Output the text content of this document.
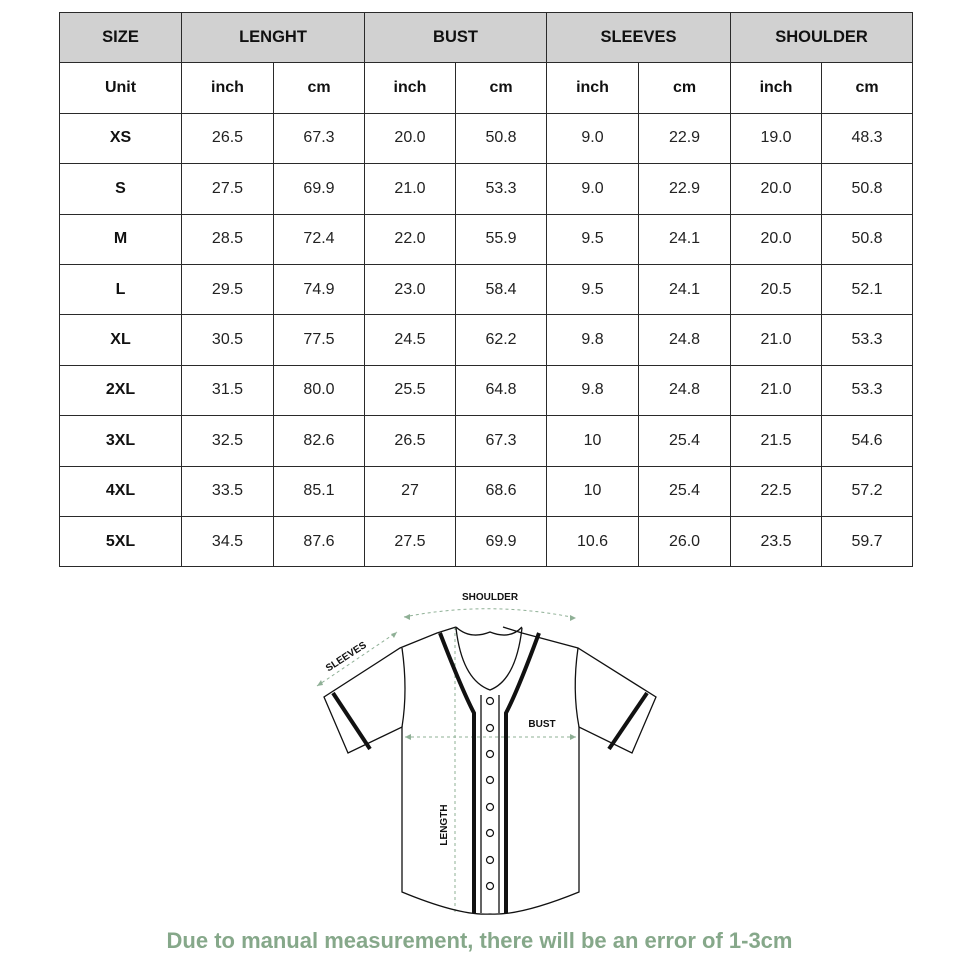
SIZE	LENGHT		BUST		SLEEVES		SHOULDER	
Unit	inch	cm	inch	cm	inch	cm	inch	cm
XS	26.5	67.3	20.0	50.8	9.0	22.9	19.0	48.3
S	27.5	69.9	21.0	53.3	9.0	22.9	20.0	50.8
M	28.5	72.4	22.0	55.9	9.5	24.1	20.0	50.8
L	29.5	74.9	23.0	58.4	9.5	24.1	20.5	52.1
XL	30.5	77.5	24.5	62.2	9.8	24.8	21.0	53.3
2XL	31.5	80.0	25.5	64.8	9.8	24.8	21.0	53.3
3XL	32.5	82.6	26.5	67.3	10	25.4	21.5	54.6
4XL	33.5	85.1	27	68.6	10	25.4	22.5	57.2
5XL	34.5	87.6	27.5	69.9	10.6	26.0	23.5	59.7
SHOULDER
SLEEVES
BUST
LENGTH
Due to manual measurement, there will be an error of 1-3cm
